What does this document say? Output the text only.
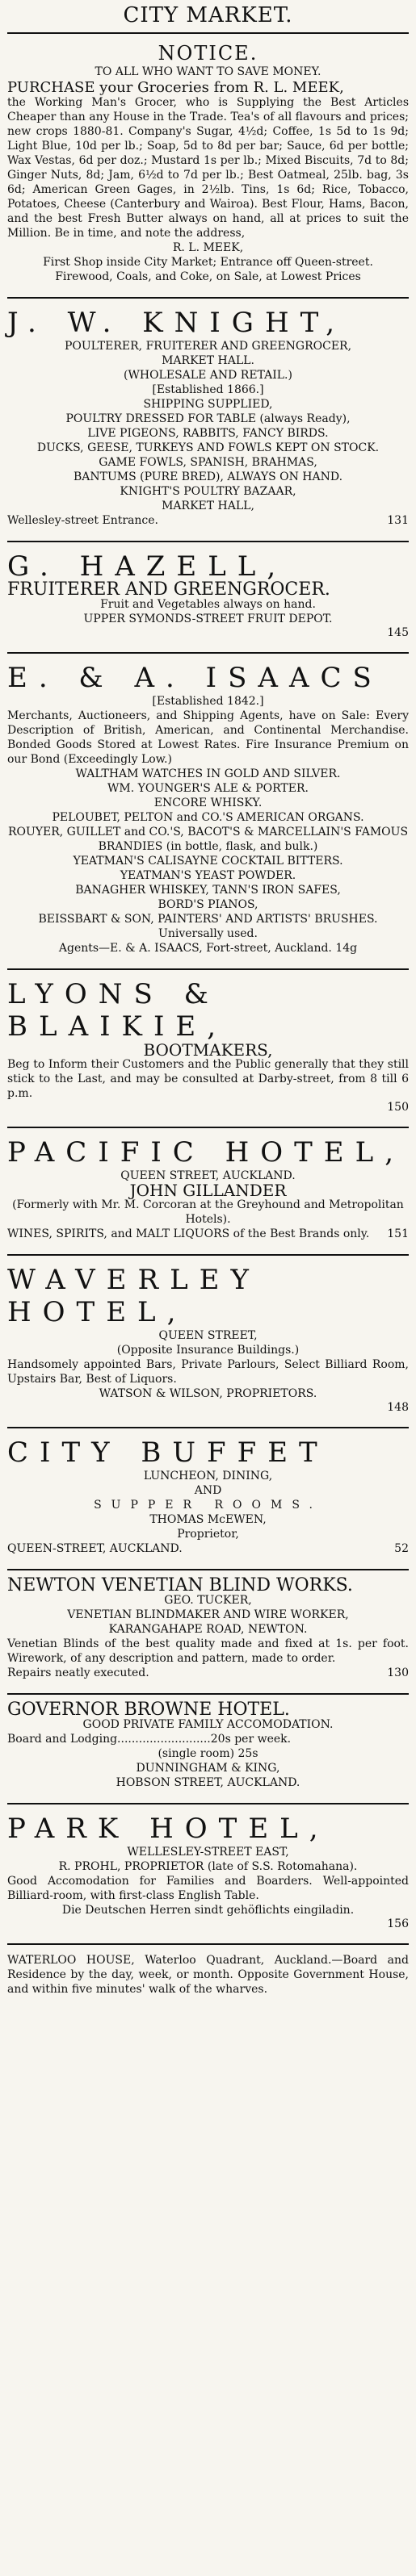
CITY MARKET.
NOTICE.
TO ALL WHO WANT TO SAVE MONEY.
PURCHASE your Groceries from R. L. MEEK,
the Working Man's Grocer, who is Supplying the Best Articles Cheaper than any House in the Trade. Tea's of all flavours and prices; new crops 1880-81. Company's Sugar, 4½d; Coffee, 1s 5d to 1s 9d; Light Blue, 10d per lb.; Soap, 5d to 8d per bar; Sauce, 6d per bottle; Wax Vestas, 6d per doz.; Mustard 1s per lb.; Mixed Biscuits, 7d to 8d; Ginger Nuts, 8d; Jam, 6½d to 7d per lb.; Best Oatmeal, 25lb. bag, 3s 6d; American Green Gages, in 2½lb. Tins, 1s 6d; Rice, Tobacco, Potatoes, Cheese (Canterbury and Wairoa). Best Flour, Hams, Bacon, and the best Fresh Butter always on hand, all at prices to suit the Million. Be in time, and note the address,
R. L. MEEK,
First Shop inside City Market; Entrance off Queen-street.
Firewood, Coals, and Coke, on Sale, at Lowest Prices
J. W. KNIGHT,
POULTERER, FRUITERER AND GREENGROCER,
MARKET HALL.
(WHOLESALE AND RETAIL.)
[Established 1866.]
SHIPPING SUPPLIED,
POULTRY DRESSED FOR TABLE (always Ready),
LIVE PIGEONS, RABBITS, FANCY BIRDS.
DUCKS, GEESE, TURKEYS AND FOWLS KEPT ON STOCK.
GAME FOWLS, SPANISH, BRAHMAS,
BANTUMS (PURE BRED), ALWAYS ON HAND.
KNIGHT'S POULTRY BAZAAR,
MARKET HALL,
Wellesley-street Entrance.	131
G. HAZELL,
FRUITERER AND GREENGROCER.
Fruit and Vegetables always on hand.
UPPER SYMONDS-STREET FRUIT DEPOT.
145
E. & A. ISAACS
[Established 1842.]
Merchants, Auctioneers, and Shipping Agents, have on Sale: Every Description of British, American, and Continental Merchandise. Bonded Goods Stored at Lowest Rates. Fire Insurance Premium on our Bond (Exceedingly Low.)
WALTHAM WATCHES IN GOLD AND SILVER.
WM. YOUNGER'S ALE & PORTER.
ENCORE WHISKY.
PELOUBET, PELTON and CO.'S AMERICAN ORGANS.
ROUYER, GUILLET and CO.'S, BACOT'S & MARCELLAIN'S FAMOUS BRANDIES (in bottle, flask, and bulk.)
YEATMAN'S CALISAYNE COCKTAIL BITTERS.
YEATMAN'S YEAST POWDER.
BANAGHER WHISKEY, TANN'S IRON SAFES,
BORD'S PIANOS,
BEISSBART & SON, PAINTERS' AND ARTISTS' BRUSHES. Universally used.
Agents—E. & A. ISAACS, Fort-street, Auckland. 14g
LYONS & BLAIKIE,
BOOTMAKERS,
Beg to Inform their Customers and the Public generally that they still stick to the Last, and may be consulted at Darby-street, from 8 till 6 p.m.
150
PACIFIC HOTEL,
QUEEN STREET, AUCKLAND.
JOHN GILLANDER
(Formerly with Mr. M. Corcoran at the Greyhound and Metropolitan Hotels).
WINES, SPIRITS, and MALT LIQUORS of the Best Brands only. 151
WAVERLEY HOTEL,
QUEEN STREET,
(Opposite Insurance Buildings.)
Handsomely appointed Bars, Private Parlours, Select Billiard Room, Upstairs Bar, Best of Liquors.
WATSON & WILSON, PROPRIETORS.
148
CITY BUFFET
LUNCHEON, DINING,
AND
SUPPER ROOMS.
THOMAS McEWEN,
Proprietor,
QUEEN-STREET, AUCKLAND.	52
NEWTON VENETIAN BLIND WORKS.
GEO. TUCKER,
VENETIAN BLINDMAKER AND WIRE WORKER,
KARANGAHAPE ROAD, NEWTON.
Venetian Blinds of the best quality made and fixed at 1s. per foot. Wirework, of any description and pattern, made to order.
Repairs neatly executed.	130
GOVERNOR BROWNE HOTEL.
GOOD PRIVATE FAMILY ACCOMODATION.
Board and Lodging..........................20s per week.
(single room) 25s
DUNNINGHAM & KING,
HOBSON STREET, AUCKLAND.
PARK HOTEL,
WELLESLEY-STREET EAST,
R. PROHL, PROPRIETOR (late of S.S. Rotomahana).
Good Accomodation for Families and Boarders. Well-appointed Billiard-room, with first-class English Table.
Die Deutschen Herren sindt gehöflichts eingiladin.
156
WATERLOO HOUSE, Waterloo Quadrant, Auckland.—Board and Residence by the day, week, or month. Opposite Government House, and within five minutes' walk of the wharves.
